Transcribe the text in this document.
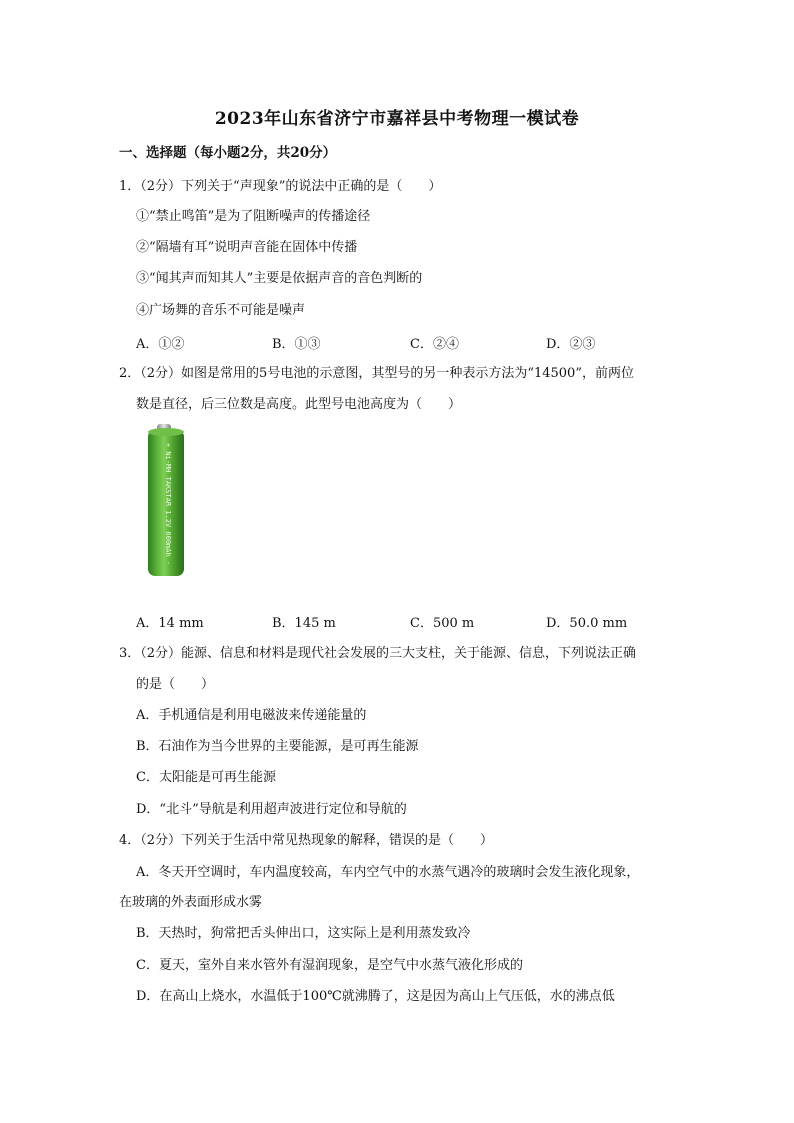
2023年山东省济宁市嘉祥县中考物理一模试卷
一、选择题（每小题2分，共20分）
1．（2分）下列关于“声现象”的说法中正确的是（　　）
①“禁止鸣笛”是为了阻断噪声的传播途径
②“隔墙有耳”说明声音能在固体中传播
③“闻其声而知其人”主要是依据声音的音色判断的
④广场舞的音乐不可能是噪声
A．①②	B．①③	C．②④	D．②③
2．（2分）如图是常用的5号电池的示意图，其型号的另一种表示方法为“14500”，前两位
数是直径，后三位数是高度。此型号电池高度为（　　）
+ Ni-MH TAKSTAR 1.2V 600mAh -
A．14 mm	B．145 m	C．500 m	D．50.0 mm
3．（2分）能源、信息和材料是现代社会发展的三大支柱，关于能源、信息，下列说法正确
的是（　　）
A．手机通信是利用电磁波来传递能量的
B．石油作为当今世界的主要能源，是可再生能源
C．太阳能是可再生能源
D．“北斗”导航是利用超声波进行定位和导航的
4．（2分）下列关于生活中常见热现象的解释，错误的是（　　）
A．冬天开空调时，车内温度较高，车内空气中的水蒸气遇冷的玻璃时会发生液化现象，
在玻璃的外表面形成水雾
B．天热时，狗常把舌头伸出口，这实际上是利用蒸发致冷
C．夏天，室外自来水管外有湿润现象，是空气中水蒸气液化形成的
D．在高山上烧水，水温低于100℃就沸腾了，这是因为高山上气压低，水的沸点低
